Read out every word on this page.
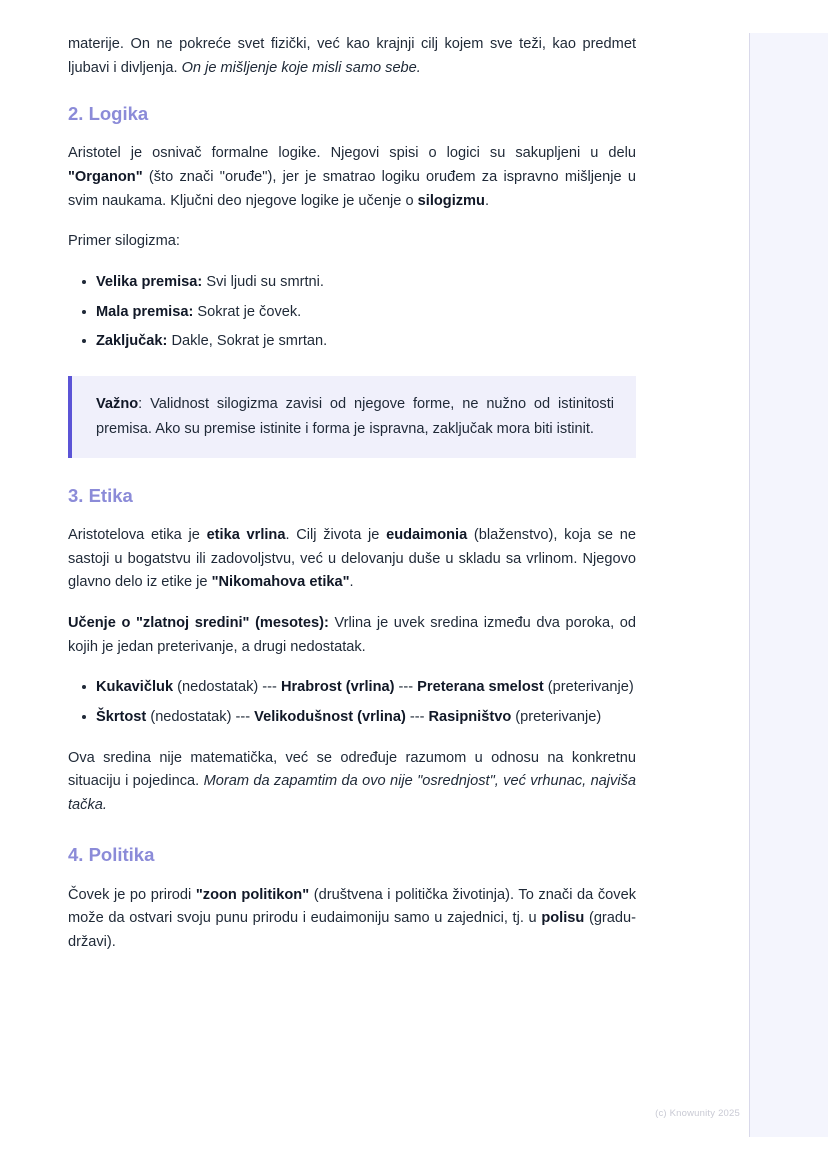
materije. On ne pokreće svet fizički, već kao krajnji cilj kojem sve teži, kao predmet ljubavi i divljenja. On je mišljenje koje misli samo sebe.

2. Logika

Aristotel je osnivač formalne logike. Njegovi spisi o logici su sakupljeni u delu "Organon" (što znači "oruđe"), jer je smatrao logiku oruđem za ispravno mišljenje u svim naukama. Ključni deo njegove logike je učenje o silogizmu.

Primer silogizma:

Velika premisa: Svi ljudi su smrtni.
Mala premisa: Sokrat je čovek.
Zaključak: Dakle, Sokrat je smrtan.

Važno: Validnost silogizma zavisi od njegove forme, ne nužno od istinitosti premisa. Ako su premise istinite i forma je ispravna, zaključak mora biti istinit.

3. Etika

Aristotelova etika je etika vrlina. Cilj života je eudaimonia (blaženstvo), koja se ne sastoji u bogatstvu ili zadovoljstvu, već u delovanju duše u skladu sa vrlinom. Njegovo glavno delo iz etike je "Nikomahova etika".

Učenje o "zlatnoj sredini" (mesotes): Vrlina je uvek sredina između dva poroka, od kojih je jedan preterivanje, a drugi nedostatak.

Kukavičluk (nedostatak) --- Hrabrost (vrlina) --- Preterana smelost (preterivanje)
Škrtost (nedostatak) --- Velikodušnost (vrlina) --- Rasipništvo (preterivanje)

Ova sredina nije matematička, već se određuje razumom u odnosu na konkretnu situaciju i pojedinca. Moram da zapamtim da ovo nije "osrednjost", već vrhunac, najviša tačka.

4. Politika

Čovek je po prirodi "zoon politikon" (društvena i politička životinja). To znači da čovek može da ostvari svoju punu prirodu i eudaimoniju samo u zajednici, tj. u polisu (gradu-državi).

(c) Knowunity 2025
